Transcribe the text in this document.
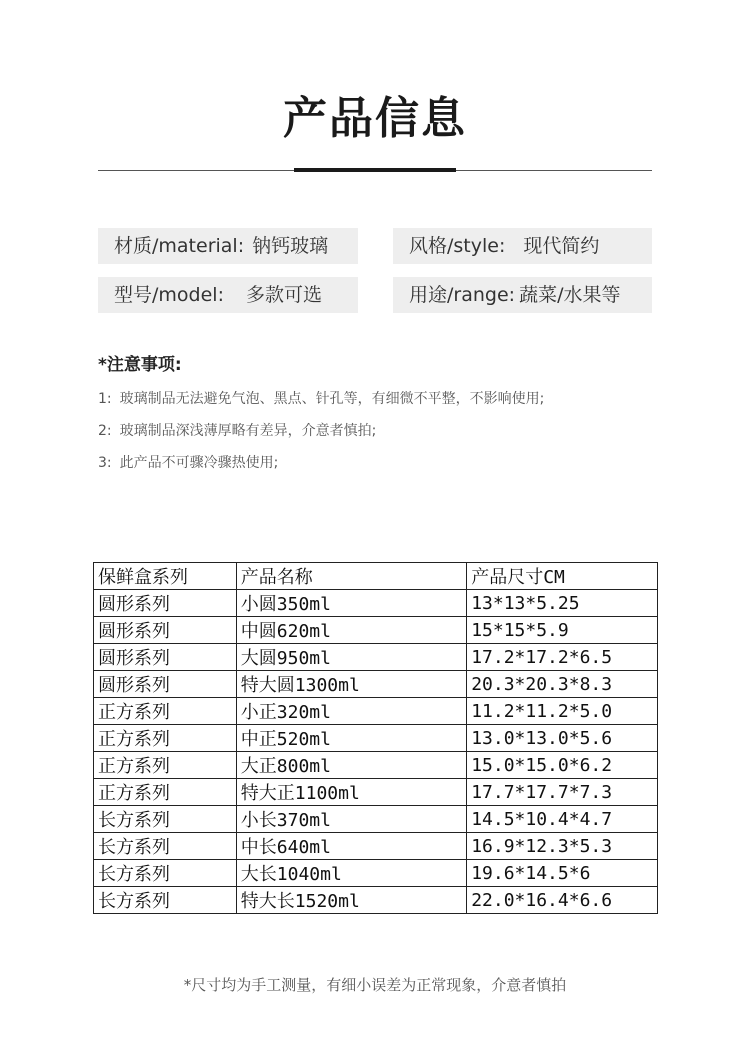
产品信息
材质/material: 钠钙玻璃	风格/style: 现代简约
型号/model: 多款可选	用途/range: 蔬菜/水果等
*注意事项:
1: 玻璃制品无法避免气泡、黑点、针孔等，有细微不平整，不影响使用;
2: 玻璃制品深浅薄厚略有差异，介意者慎拍;
3: 此产品不可骤冷骤热使用;
保鲜盒系列	产品名称	产品尺寸CM
圆形系列	小圆350ml	13*13*5.25
圆形系列	中圆620ml	15*15*5.9
圆形系列	大圆950ml	17.2*17.2*6.5
圆形系列	特大圆1300ml	20.3*20.3*8.3
正方系列	小正320ml	11.2*11.2*5.0
正方系列	中正520ml	13.0*13.0*5.6
正方系列	大正800ml	15.0*15.0*6.2
正方系列	特大正1100ml	17.7*17.7*7.3
长方系列	小长370ml	14.5*10.4*4.7
长方系列	中长640ml	16.9*12.3*5.3
长方系列	大长1040ml	19.6*14.5*6
长方系列	特大长1520ml	22.0*16.4*6.6
*尺寸均为手工测量，有细小误差为正常现象，介意者慎拍
